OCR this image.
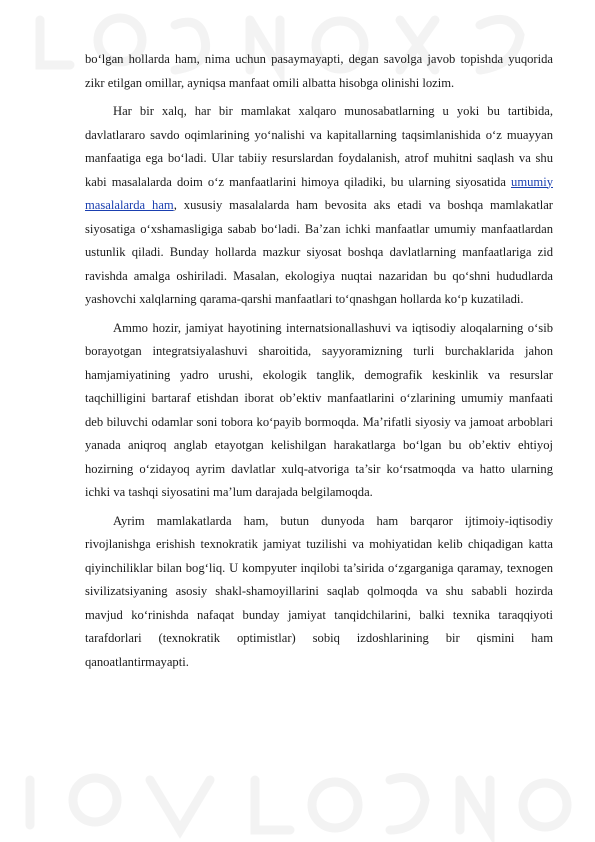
bo‘lgan hollarda ham, nima uchun pasaymayapti, degan savolga javob topishda yuqorida zikr etilgan omillar, ayniqsa manfaat omili albatta hisobga olinishi lozim.

Har bir xalq, har bir mamlakat xalqaro munosabatlarning u yoki bu tartibida, davlatlararo savdo oqimlarining yo‘nalishi va kapitallarning taqsimlanishida o‘z muayyan manfaatiga ega bo‘ladi. Ular tabiiy resurslardan foydalanish, atrof muhitni saqlash va shu kabi masalalarda doim o‘z manfaatlarini himoya qiladiki, bu ularning siyosatida umumiy masalalarda ham, xususiy masalalarda ham bevosita aks etadi va boshqa mamlakatlar siyosatiga o‘xshamasligiga sabab bo‘ladi. Ba’zan ichki manfaatlar umumiy manfaatlardan ustunlik qiladi. Bunday hollarda mazkur siyosat boshqa davlatlarning manfaatlariga zid ravishda amalga oshiriladi. Masalan, ekologiya nuqtai nazaridan bu qo‘shni hududlarda yashovchi xalqlarning qarama-qarshi manfaatlari to‘qnashgan hollarda ko‘p kuzatiladi.

Ammo hozir, jamiyat hayotining internatsionallashuvi va iqtisodiy aloqalarning o‘sib borayotgan integratsiyalashuvi sharoitida, sayyoramizning turli burchaklarida jahon hamjamiyatining yadro urushi, ekologik tanglik, demografik keskinlik va resurslar taqchilligini bartaraf etishdan iborat ob’ektiv manfaatlarini o‘zlarining umumiy manfaati deb biluvchi odamlar soni tobora ko‘payib bormoqda. Ma’rifatli siyosiy va jamoat arboblari yanada aniqroq anglab etayotgan kelishilgan harakatlarga bo‘lgan bu ob’ektiv ehtiyoj hozirning o‘zidayoq ayrim davlatlar xulq-atvoriga ta’sir ko‘rsatmoqda va hatto ularning ichki va tashqi siyosatini ma’lum darajada belgilamoqda.

Ayrim mamlakatlarda ham, butun dunyoda ham barqaror ijtimoiy-iqtisodiy rivojlanishga erishish texnokratik jamiyat tuzilishi va mohiyatidan kelib chiqadigan katta qiyinchiliklar bilan bog‘liq. U kompyuter inqilobi ta’sirida o‘zgarganiga qaramay, texnogen sivilizatsiyaning asosiy shakl-shamoyillarini saqlab qolmoqda va shu sababli hozirda mavjud ko‘rinishda nafaqat bunday jamiyat tanqidchilarini, balki texnika taraqqiyoti tarafdorlari (texnokratik optimistlar) sobiq izdoshlarining bir qismini ham qanoatlantirmayapti.
